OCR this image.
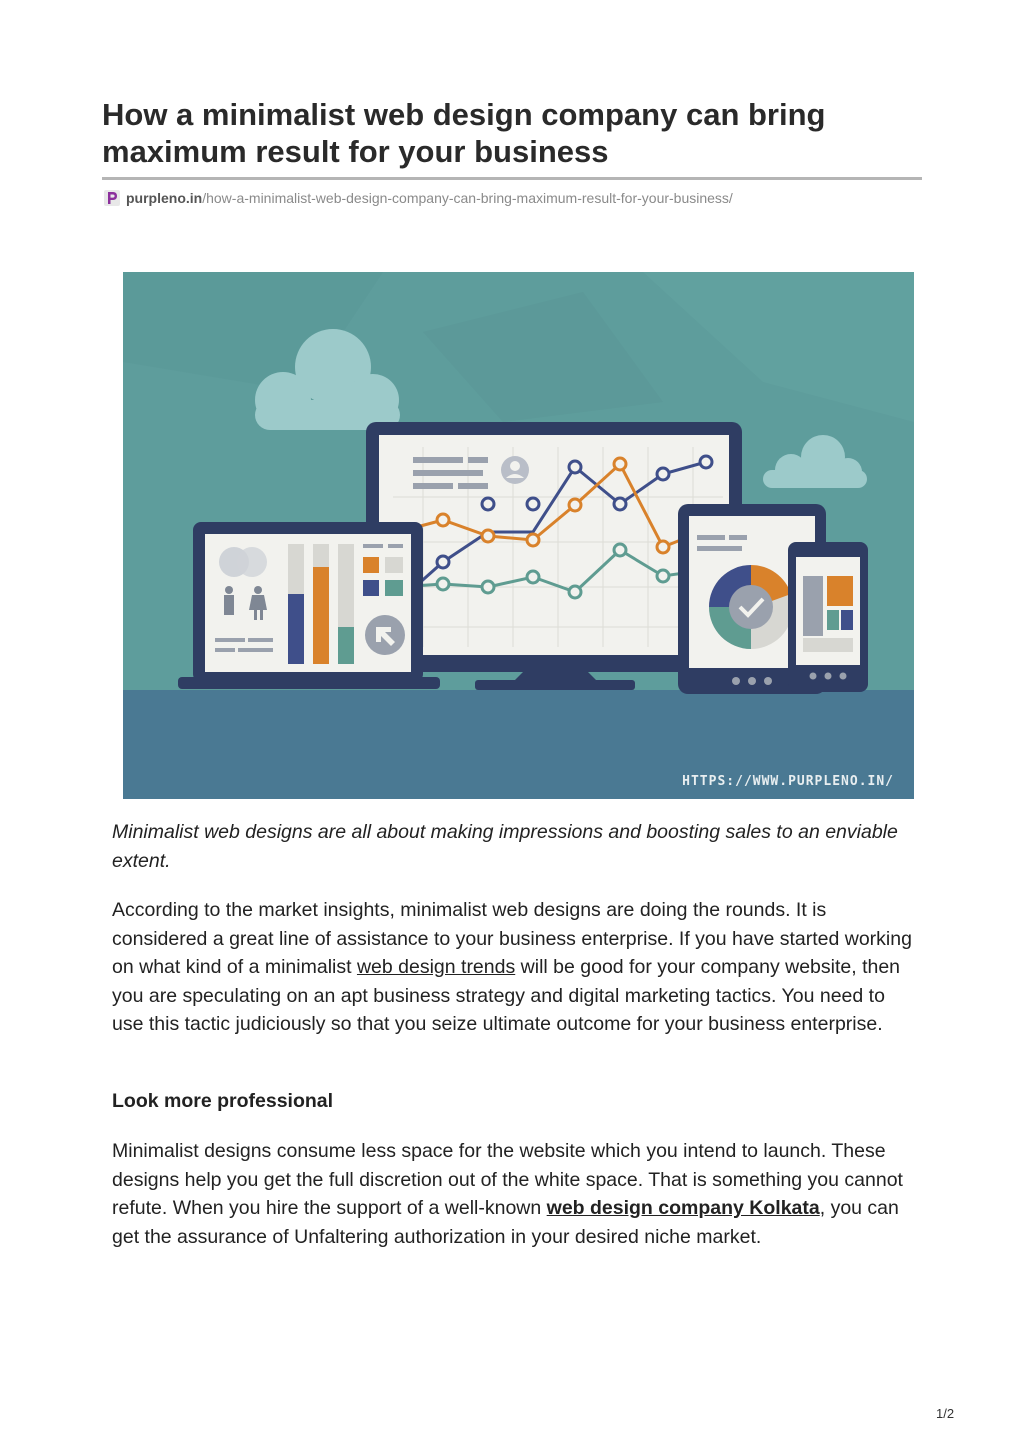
How a minimalist web design company can bring maximum result for your business
purpleno.in/how-a-minimalist-web-design-company-can-bring-maximum-result-for-your-business/
HTTPS://WWW.PURPLENO.IN/

Minimalist web designs are all about making impressions and boosting sales to an enviable extent.

According to the market insights, minimalist web designs are doing the rounds. It is considered a great line of assistance to your business enterprise. If you have started working on what kind of a minimalist web design trends will be good for your company website, then you are speculating on an apt business strategy and digital marketing tactics. You need to use this tactic judiciously so that you seize ultimate outcome for your business enterprise.

Look more professional

Minimalist designs consume less space for the website which you intend to launch. These designs help you get the full discretion out of the white space. That is something you cannot refute. When you hire the support of a well-known web design company Kolkata, you can get the assurance of Unfaltering authorization in your desired niche market.

1/2
